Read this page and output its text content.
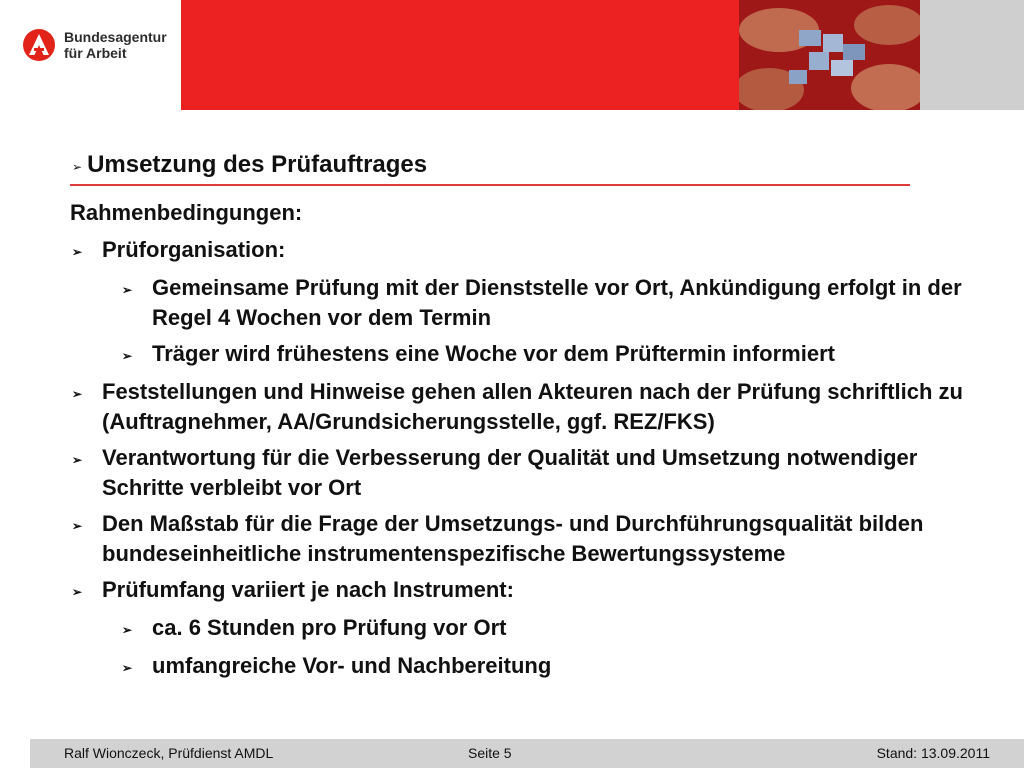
Bundesagentur
für Arbeit
➢ Umsetzung des Prüfauftrages
Rahmenbedingungen:
➢ Prüforganisation:
➢ Gemeinsame Prüfung mit der Dienststelle vor Ort, Ankündigung erfolgt in der Regel 4 Wochen vor dem Termin
➢ Träger wird frühestens eine Woche vor dem Prüftermin informiert
➢ Feststellungen und Hinweise gehen allen Akteuren nach der Prüfung schriftlich zu (Auftragnehmer, AA/Grundsicherungsstelle, ggf. REZ/FKS)
➢ Verantwortung für die Verbesserung der Qualität und Umsetzung notwendiger Schritte verbleibt vor Ort
➢ Den Maßstab für die Frage der Umsetzungs- und Durchführungsqualität bilden bundeseinheitliche instrumentenspezifische Bewertungssysteme
➢ Prüfumfang variiert je nach Instrument:
➢ ca. 6 Stunden pro Prüfung vor Ort
➢ umfangreiche Vor- und Nachbereitung
Ralf Wionczeck, Prüfdienst AMDL	Seite 5	Stand: 13.09.2011
